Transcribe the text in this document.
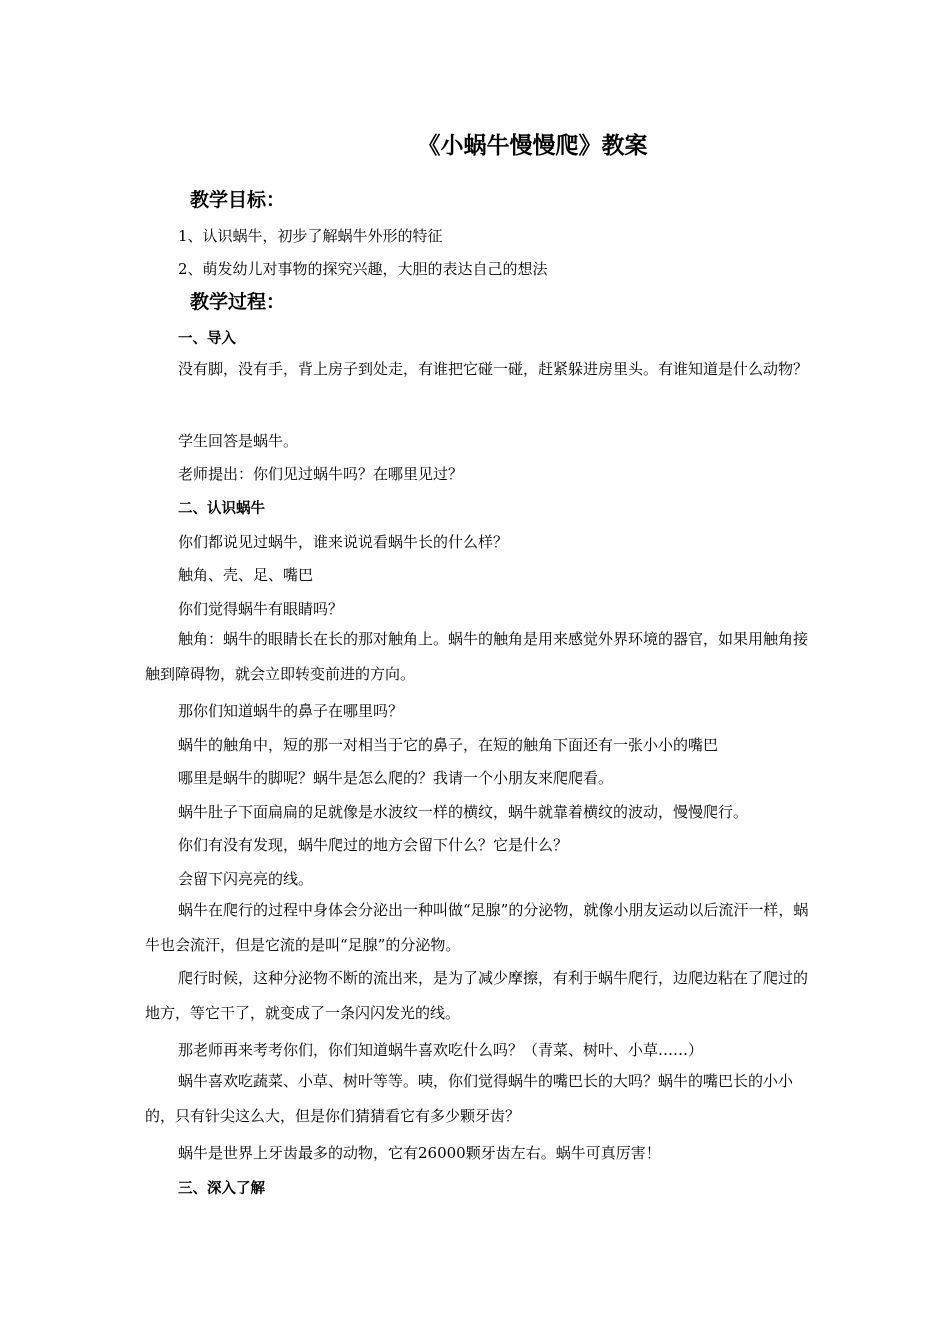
《小蜗牛慢慢爬》教案
教学目标：
1、认识蜗牛，初步了解蜗牛外形的特征
2、萌发幼儿对事物的探究兴趣，大胆的表达自己的想法
教学过程：
一、导入
没有脚，没有手，背上房子到处走，有谁把它碰一碰，赶紧躲进房里头。有谁知道是什么动物？
学生回答是蜗牛。
老师提出：你们见过蜗牛吗？在哪里见过？
二、认识蜗牛
你们都说见过蜗牛，谁来说说看蜗牛长的什么样？
触角、壳、足、嘴巴
你们觉得蜗牛有眼睛吗？
触角：蜗牛的眼睛长在长的那对触角上。蜗牛的触角是用来感觉外界环境的器官，如果用触角接触到障碍物，就会立即转变前进的方向。
那你们知道蜗牛的鼻子在哪里吗？
蜗牛的触角中，短的那一对相当于它的鼻子，在短的触角下面还有一张小小的嘴巴
哪里是蜗牛的脚呢？蜗牛是怎么爬的？我请一个小朋友来爬爬看。
蜗牛肚子下面扁扁的足就像是水波纹一样的横纹，蜗牛就靠着横纹的波动，慢慢爬行。
你们有没有发现，蜗牛爬过的地方会留下什么？它是什么？
会留下闪亮亮的线。
蜗牛在爬行的过程中身体会分泌出一种叫做“足腺”的分泌物，就像小朋友运动以后流汗一样，蜗牛也会流汗，但是它流的是叫“足腺”的分泌物。
爬行时候，这种分泌物不断的流出来，是为了减少摩擦，有利于蜗牛爬行，边爬边粘在了爬过的地方，等它干了，就变成了一条闪闪发光的线。
那老师再来考考你们，你们知道蜗牛喜欢吃什么吗？（青菜、树叶、小草……）
蜗牛喜欢吃蔬菜、小草、树叶等等。咦，你们觉得蜗牛的嘴巴长的大吗？蜗牛的嘴巴长的小小的，只有针尖这么大，但是你们猜猜看它有多少颗牙齿？
蜗牛是世界上牙齿最多的动物，它有26000颗牙齿左右。蜗牛可真厉害！
三、深入了解
